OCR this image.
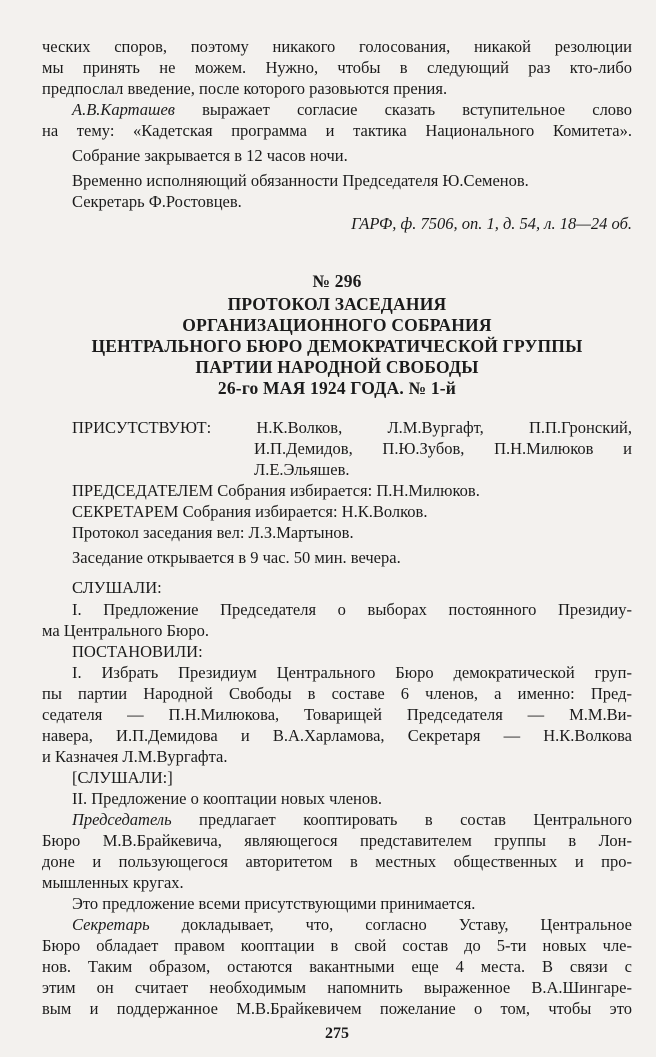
ческих споров, поэтому никакого голосования, никакой резолюции
мы принять не можем. Нужно, чтобы в следующий раз кто-либо
предпослал введение, после которого разовьются прения.
А.В.Карташев выражает согласие сказать вступительное слово
на тему: «Кадетская программа и тактика Национального Комитета».
Собрание закрывается в 12 часов ночи.
Временно исполняющий обязанности Председателя Ю.Семенов.
Секретарь Ф.Ростовцев.
ГАРФ, ф. 7506, оп. 1, д. 54, л. 18—24 об.
№ 296
ПРОТОКОЛ ЗАСЕДАНИЯ
ОРГАНИЗАЦИОННОГО СОБРАНИЯ
ЦЕНТРАЛЬНОГО БЮРО ДЕМОКРАТИЧЕСКОЙ ГРУППЫ
ПАРТИИ НАРОДНОЙ СВОБОДЫ
26-го МАЯ 1924 ГОДА. № 1-й
ПРИСУТСТВУЮТ: Н.К.Волков, Л.М.Вургафт, П.П.Гронский,
И.П.Демидов, П.Ю.Зубов, П.Н.Милюков и
Л.Е.Эльяшев.
ПРЕДСЕДАТЕЛЕМ Собрания избирается: П.Н.Милюков.
СЕКРЕТАРЕМ Собрания избирается: Н.К.Волков.
Протокол заседания вел: Л.З.Мартынов.
Заседание открывается в 9 час. 50 мин. вечера.
СЛУШАЛИ:
I. Предложение Председателя о выборах постоянного Президиу-
ма Центрального Бюро.
ПОСТАНОВИЛИ:
I. Избрать Президиум Центрального Бюро демократической груп-
пы партии Народной Свободы в составе 6 членов, а именно: Пред-
седателя — П.Н.Милюкова, Товарищей Председателя — М.М.Ви-
навера, И.П.Демидова и В.А.Харламова, Секретаря — Н.К.Волкова
и Казначея Л.М.Вургафта.
[СЛУШАЛИ:]
II. Предложение о кооптации новых членов.
Председатель предлагает кооптировать в состав Центрального
Бюро М.В.Брайкевича, являющегося представителем группы в Лон-
доне и пользующегося авторитетом в местных общественных и про-
мышленных кругах.
Это предложение всеми присутствующими принимается.
Секретарь докладывает, что, согласно Уставу, Центральное
Бюро обладает правом кооптации в свой состав до 5-ти новых чле-
нов. Таким образом, остаются вакантными еще 4 места. В связи с
этим он считает необходимым напомнить выраженное В.А.Шингаре-
вым и поддержанное М.В.Брайкевичем пожелание о том, чтобы это
275
